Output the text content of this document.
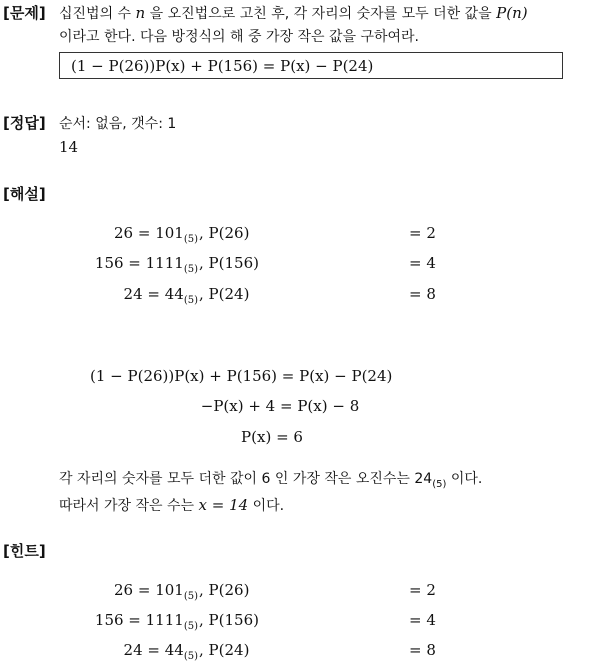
[문제] 십진법의 수 n 을 오진법으로 고친 후, 각 자리의 숫자를 모두 더한 값을 P(n)
이라고 한다. 다음 방정식의 해 중 가장 작은 값을 구하여라.
(1 − P(26))P(x) + P(156) = P(x) − P(24)
[정답] 순서: 없음, 갯수: 1
14
[해설]
$26 = 101_{(5)}$ , P(26)	= 2
$156 = 1111_{(5)}$ , P(156)	= 4
$24 = 44_{(5)}$ , P(24)	= 8
(1 − P(26))P(x) + P(156) = P(x) − P(24)
−P(x) + 4 = P(x) − 8
P(x) = 6
각 자리의 숫자를 모두 더한 값이 6 인 가장 작은 오진수는 $24_{(5)}$ 이다.
따라서 가장 작은 수는 x = 14 이다.
[힌트]
$26 = 101_{(5)}$ , P(26)	= 2
$156 = 1111_{(5)}$ , P(156)	= 4
$24 = 44_{(5)}$ , P(24)	= 8
